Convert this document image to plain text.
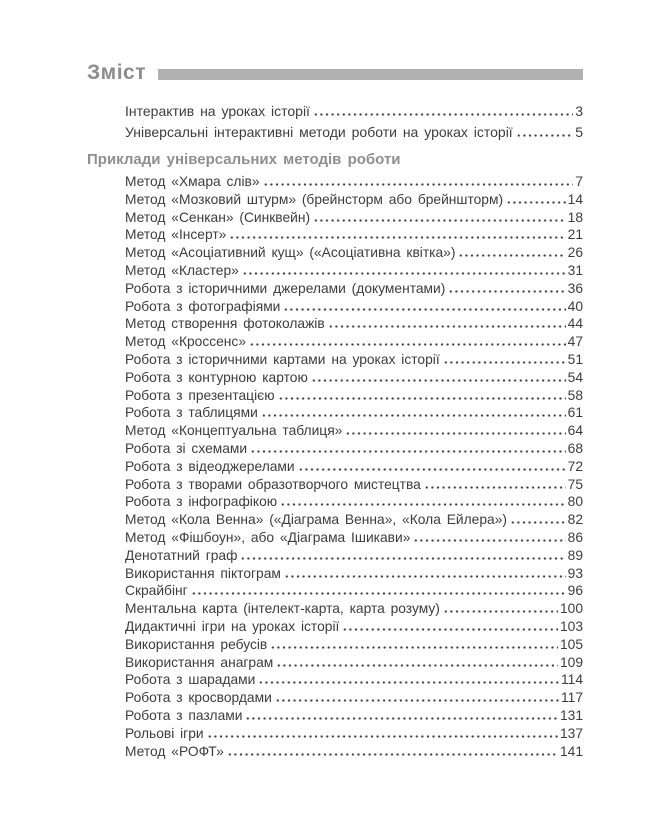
Зміст
Інтерактив на уроках історії	3
Універсальні інтерактивні методи роботи на уроках історії	5
Приклади універсальних методів роботи
Метод «Хмара слів»	7
Метод «Мозковий штурм» (брейнсторм або брейншторм)	14
Метод «Сенкан» (Синквейн)	18
Метод «Інсерт»	21
Метод «Асоціативний кущ» («Асоціативна квітка»)	26
Метод «Кластер»	31
Робота з історичними джерелами (документами)	36
Робота з фотографіями	40
Метод створення фотоколажів	44
Метод «Кроссенс»	47
Робота з історичними картами на уроках історії	51
Робота з контурною картою	54
Робота з презентацією	58
Робота з таблицями	61
Метод «Концептуальна таблиця»	64
Робота зі схемами	68
Робота з відеоджерелами	72
Робота з творами образотворчого мистецтва	75
Робота з інфографікою	80
Метод «Кола Венна» («Діаграма Венна», «Кола Ейлера»)	82
Метод «Фішбоун», або «Діаграма Ішикави»	86
Денотатний граф	89
Використання піктограм	93
Скрайбінг	96
Ментальна карта (інтелект-карта, карта розуму)	100
Дидактичні ігри на уроках історії	103
Використання ребусів	105
Використання анаграм	109
Робота з шарадами	114
Робота з кросвордами	117
Робота з пазлами	131
Рольові ігри	137
Метод «РОФТ»	141
